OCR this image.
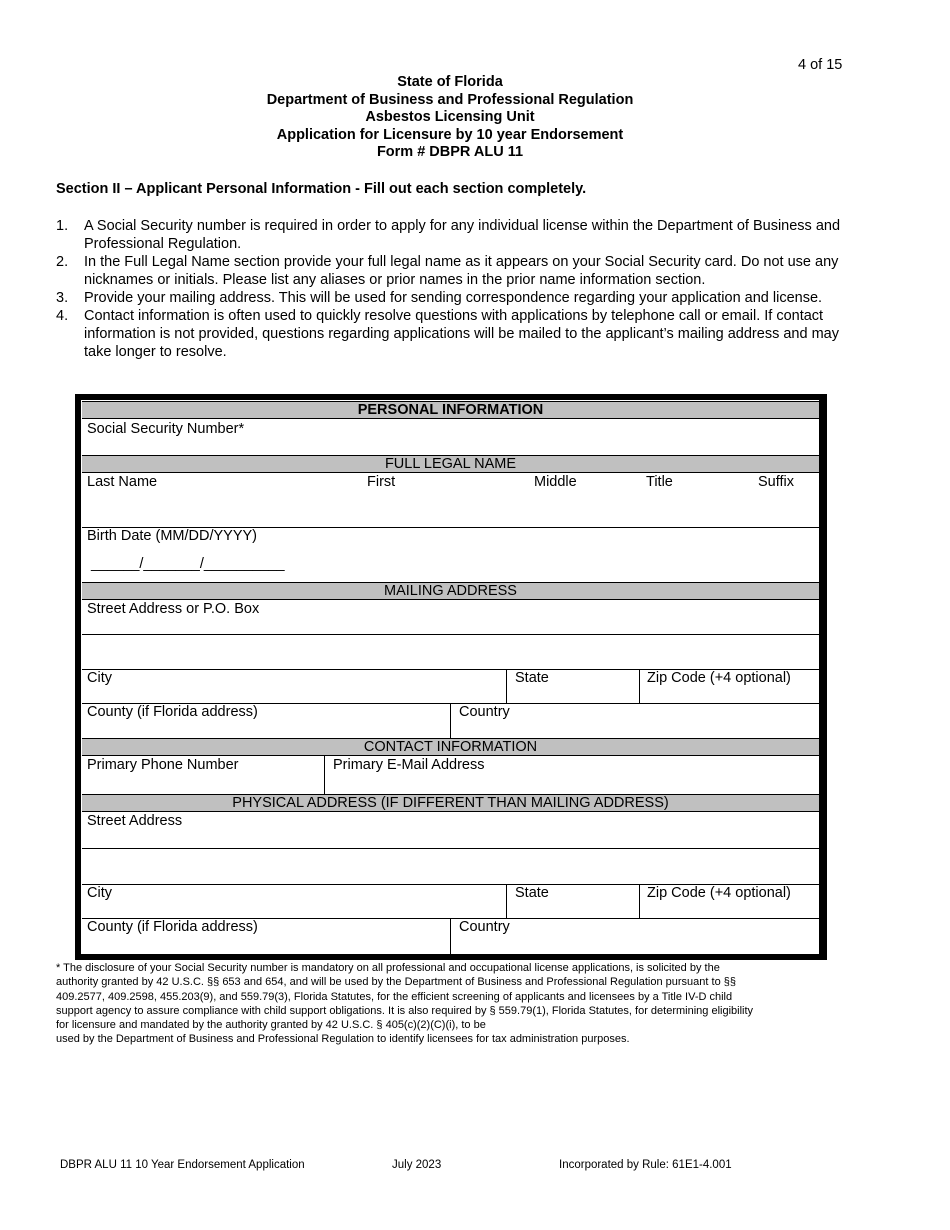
4 of 15
State of Florida
Department of Business and Professional Regulation
Asbestos Licensing Unit
Application for Licensure by 10 year Endorsement
Form # DBPR ALU 11
Section II – Applicant Personal Information - Fill out each section completely.
1. A Social Security number is required in order to apply for any individual license within the Department of Business and Professional Regulation.
2. In the Full Legal Name section provide your full legal name as it appears on your Social Security card. Do not use any nicknames or initials. Please list any aliases or prior names in the prior name information section.
3. Provide your mailing address. This will be used for sending correspondence regarding your application and license.
4. Contact information is often used to quickly resolve questions with applications by telephone call or email. If contact information is not provided, questions regarding applications will be mailed to the applicant’s mailing address and may take longer to resolve.
PERSONAL INFORMATION
Social Security Number*
FULL LEGAL NAME
Last Name	First	Middle	Title	Suffix
Birth Date (MM/DD/YYYY)
______/_______/__________
MAILING ADDRESS
Street Address or P.O. Box
City	State	Zip Code (+4 optional)
County (if Florida address)	Country
CONTACT INFORMATION
Primary Phone Number	Primary E-Mail Address
PHYSICAL ADDRESS (IF DIFFERENT THAN MAILING ADDRESS)
Street Address
City	State	Zip Code (+4 optional)
County (if Florida address)	Country
* The disclosure of your Social Security number is mandatory on all professional and occupational license applications, is solicited by the
authority granted by 42 U.S.C. §§ 653 and 654, and will be used by the Department of Business and Professional Regulation pursuant to §§
409.2577, 409.2598, 455.203(9), and 559.79(3), Florida Statutes, for the efficient screening of applicants and licensees by a Title IV-D child
support agency to assure compliance with child support obligations. It is also required by § 559.79(1), Florida Statutes, for determining eligibility
for licensure and mandated by the authority granted by 42 U.S.C. § 405(c)(2)(C)(i), to be
used by the Department of Business and Professional Regulation to identify licensees for tax administration purposes.
DBPR ALU 11 10 Year Endorsement Application	July 2023	Incorporated by Rule: 61E1-4.001
